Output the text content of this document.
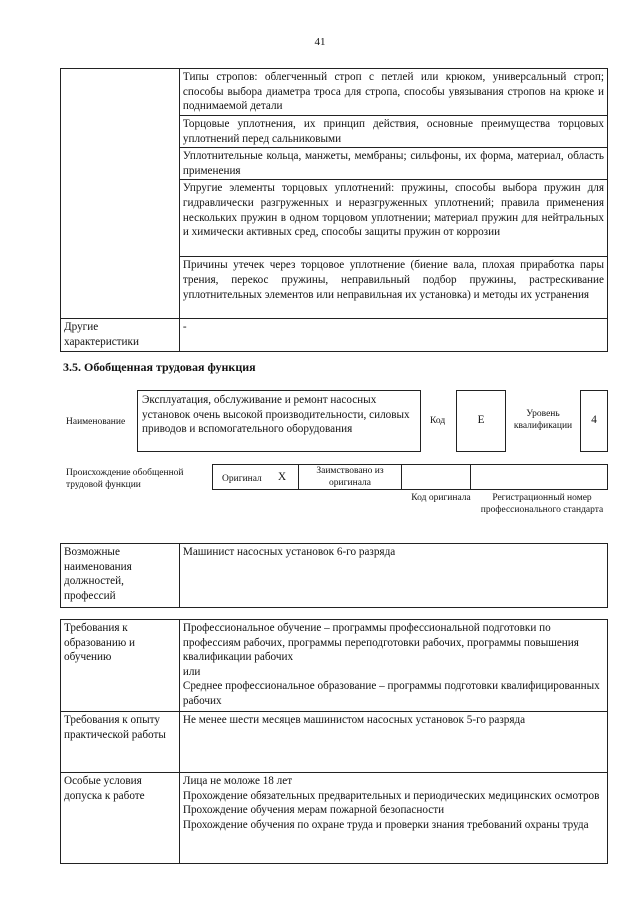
41
	Типы стропов: облегченный строп с петлей или крюком, универсальный строп; способы выбора диаметра троса для стропа, способы увязывания стропов на крюке и поднимаемой детали
	Торцовые уплотнения, их принцип действия, основные преимущества торцовых уплотнений перед сальниковыми
	Уплотнительные кольца, манжеты, мембраны; сильфоны, их форма, материал, область применения
	Упругие элементы торцовых уплотнений: пружины, способы выбора пружин для гидравлически разгруженных и неразгруженных уплотнений; правила применения нескольких пружин в одном торцовом уплотнении; материал пружин для нейтральных и химически активных сред, способы защиты пружин от коррозии
	Причины утечек через торцовое уплотнение (биение вала, плохая приработка пары трения, перекос пружины, неправильный подбор пружины, растрескивание уплотнительных элементов или неправильная их установка) и методы их устранения
Другие характеристики	-
3.5. Обобщенная трудовая функция
Наименование
Эксплуатация, обслуживание и ремонт насосных установок очень высокой производительности, силовых приводов и вспомогательного оборудования
Код	E	Уровень квалификации	4
Происхождение обобщенной трудовой функции
Оригинал X	Заимствовано из оригинала
Код оригинала	Регистрационный номер профессионального стандарта
Возможные наименования должностей, профессий	Машинист насосных установок 6-го разряда
Требования к образованию и обучению	Профессиональное обучение – программы профессиональной подготовки по профессиям рабочих, программы переподготовки рабочих, программы повышения квалификации рабочих
или
Среднее профессиональное образование – программы подготовки квалифицированных рабочих

Требования к опыту практической работы	Не менее шести месяцев машинистом насосных установок 5-го разряда
Особые условия допуска к работе	Лица не моложе 18 лет
Прохождение обязательных предварительных и периодических медицинских осмотров
Прохождение обучения мерам пожарной безопасности
Прохождение обучения по охране труда и проверки знания требований охраны труда
